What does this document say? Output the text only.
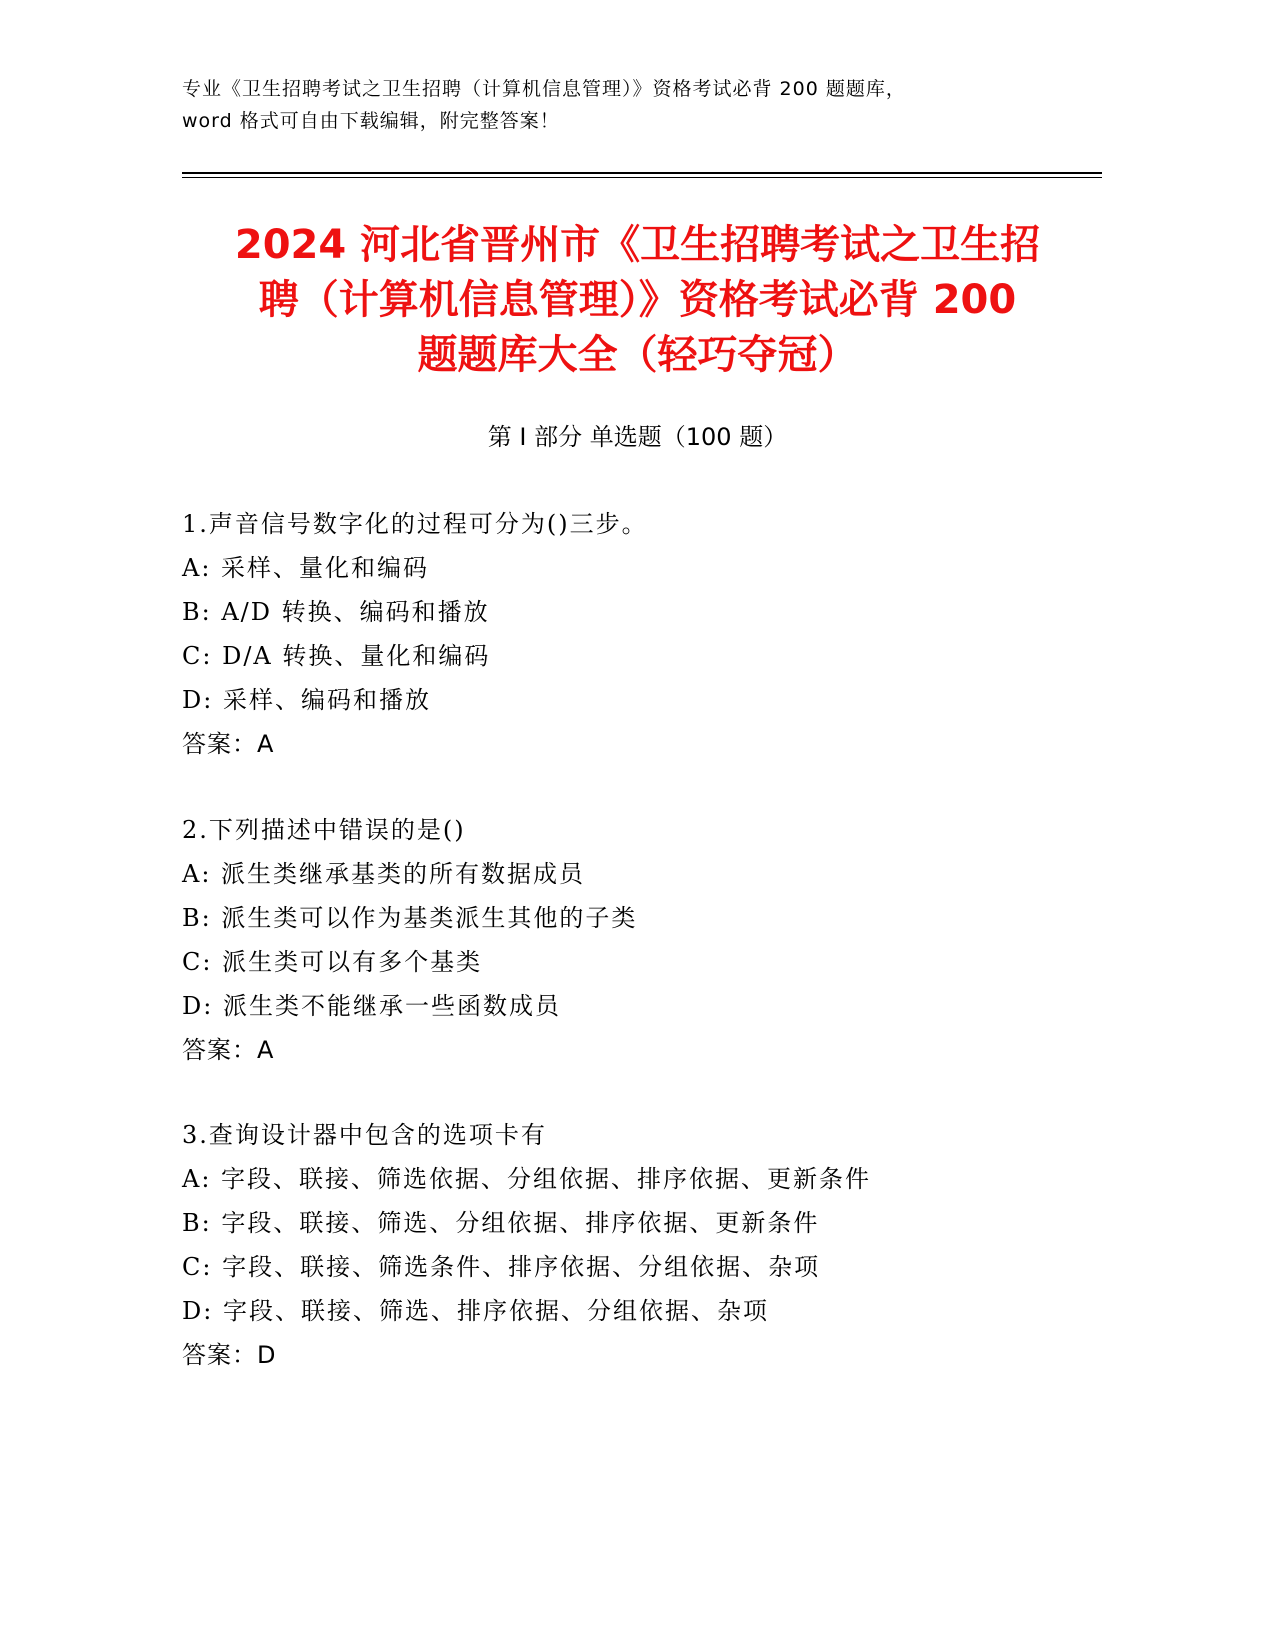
专业《卫生招聘考试之卫生招聘（计算机信息管理）》资格考试必背 200 题题库，
word 格式可自由下载编辑，附完整答案！
2024 河北省晋州市《卫生招聘考试之卫生招
聘（计算机信息管理）》资格考试必背 200
题题库大全（轻巧夺冠）
第 I 部分 单选题（100 题）
1.声音信号数字化的过程可分为()三步。
A: 采样、量化和编码
B: A/D 转换、编码和播放
C: D/A 转换、量化和编码
D: 采样、编码和播放
答案：A
2.下列描述中错误的是()
A: 派生类继承基类的所有数据成员
B: 派生类可以作为基类派生其他的子类
C: 派生类可以有多个基类
D: 派生类不能继承一些函数成员
答案：A
3.查询设计器中包含的选项卡有
A: 字段、联接、筛选依据、分组依据、排序依据、更新条件
B: 字段、联接、筛选、分组依据、排序依据、更新条件
C: 字段、联接、筛选条件、排序依据、分组依据、杂项
D: 字段、联接、筛选、排序依据、分组依据、杂项
答案：D
